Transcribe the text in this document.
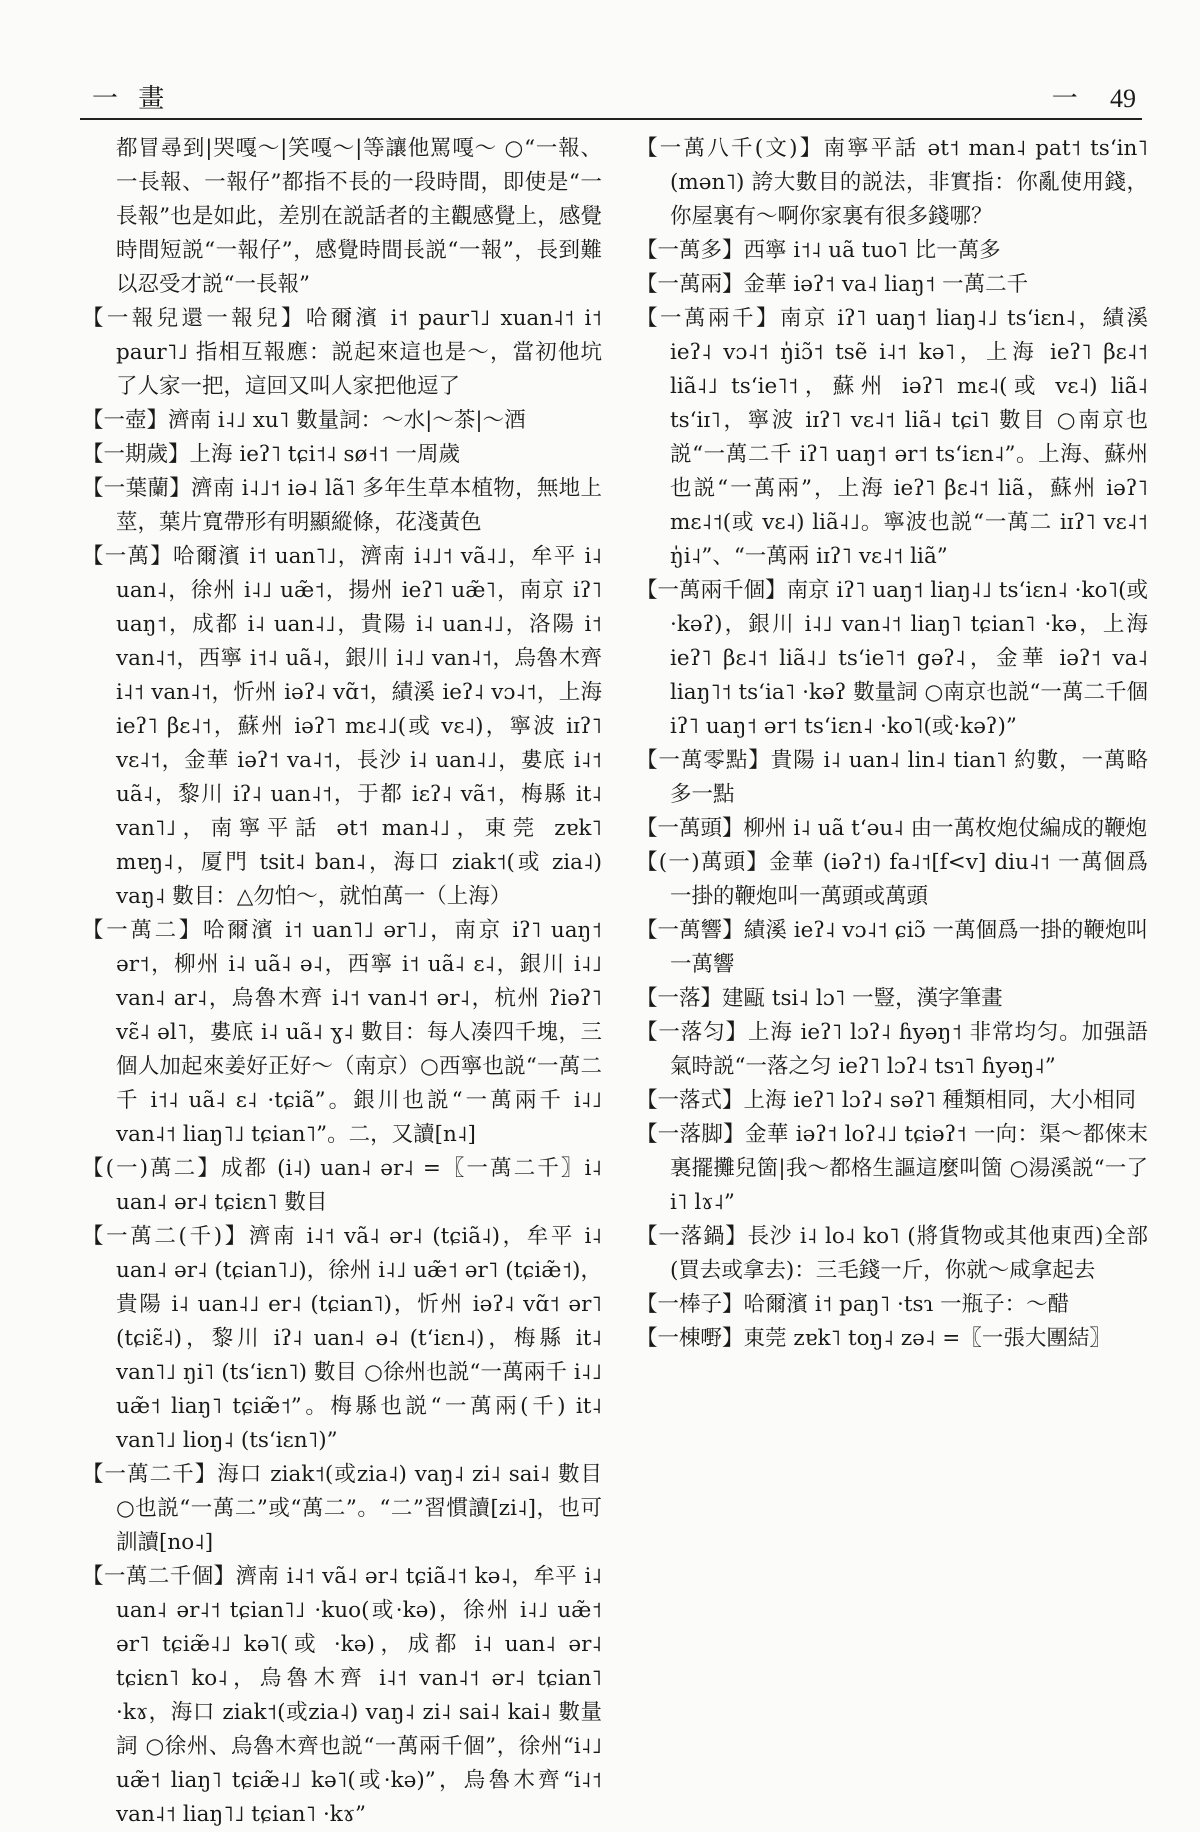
一 畫	一 49

都冒尋到|哭嘎～|笑嘎～|等讓他罵嘎～ ○“一報、一長報、一報仔”都指不長的一段時間，即使是“一長報”也是如此，差別在説話者的主觀感覺上，感覺時間短説“一報仔”，感覺時間長説“一報”，長到難以忍受才説“一長報”

【一報兒還一報兒】哈爾濱 i˦ paur˥˩ xuan˨˦ i˦ paur˥˩ 指相互報應：説起來這也是～，當初他坑了人家一把，這回又叫人家把他逗了

【一壺】濟南 i˨˩ xu˥ 數量詞：～水|～茶|～酒

【一期歲】上海 ieʔ˥ tɕi˦˨ sø˧˦ 一周歲

【一葉蘭】濟南 i˨˩˦ iə˨ lã˥ 多年生草本植物，無地上莖，葉片寬帶形有明顯縱條，花淺黃色

【一萬】哈爾濱 i˦ uan˥˩，濟南 i˨˩˦ vã˨˩，牟平 i˨ uan˨，徐州 i˨˩ uæ̃˦，揚州 ieʔ˥ uæ̃˥，南京 iʔ˥ uaŋ˦，成都 i˨ uan˨˩，貴陽 i˨ uan˨˩，洛陽 i˦ van˨˦，西寧 i˦˨ uã˨，銀川 i˨˩ van˨˦，烏魯木齊 i˨˦ van˨˦，忻州 iəʔ˨ vɑ̃˦，績溪 ieʔ˨ vɔ˨˦，上海 ieʔ˥ βɛ˨˦，蘇州 iəʔ˥ mɛ˨˩(或 vɛ˨)，寧波 iɪʔ˥ vɛ˨˦，金華 iəʔ˦ va˨˦，長沙 i˨ uan˨˩，婁底 i˨˦ uã˨，黎川 iʔ˨ uan˨˦，于都 iɛʔ˨ vã˦，梅縣 it˨ van˥˩，南寧平話 ət˦ man˨˩，東莞 zɐk˥ mɐŋ˨，厦門 tsit˨ ban˨，海口 ziak˦(或 zia˨) vaŋ˨ 數目：△勿怕～，就怕萬一（上海）

【一萬二】哈爾濱 i˦ uan˥˩ ər˥˩，南京 iʔ˥ uaŋ˦ ər˦，柳州 i˨ uã˨ ə˨，西寧 i˦ uã˨ ɛ˨，銀川 i˨˩ van˨ ar˨，烏魯木齊 i˨˦ van˨˦ ər˨，杭州 ʔiəʔ˥ vɛ̃˨ əl˥，婁底 i˨ uã˨ ɣ˨ 數目：每人凑四千塊，三個人加起來姜好正好～（南京）○西寧也説“一萬二千 i˦˨ uã˨ ɛ˨ ·tɕiã”。銀川也説“一萬兩千 i˨˩ van˨˦ liaŋ˥˩ tɕian˥”。二，又讀[n˨]

【(一)萬二】成都 (i˨) uan˨ ər˨ =〖一萬二千〗i˨ uan˨ ər˨ tɕiɛn˥ 數目

【一萬二(千)】濟南 i˨˦ vã˨ ər˨ (tɕiã˨)，牟平 i˨ uan˨ ər˨ (tɕian˥˩)，徐州 i˨˩ uæ̃˦ ər˥ (tɕiæ̃˦)，貴陽 i˨ uan˨˩ er˨ (tɕian˥)，忻州 iəʔ˨ vɑ̃˦ ər˥ (tɕiɛ̃˨)，黎川 iʔ˨ uan˨ ə˨ (tʻiɛn˨)，梅縣 it˨ van˥˩ ŋi˥ (tsʻiɛn˥) 數目 ○徐州也説“一萬兩千 i˨˩ uæ̃˦ liaŋ˥ tɕiæ̃˦”。梅縣也説“一萬兩(千) it˨ van˥˩ lioŋ˨ (tsʻiɛn˥)”

【一萬二千】海口 ziak˦(或zia˨) vaŋ˨ zi˨ sai˨ 數目 ○也説“一萬二”或“萬二”。“二”習慣讀[zi˨]，也可訓讀[no˨]

【一萬二千個】濟南 i˨˦ vã˨ ər˨ tɕiã˨˦ kə˨，牟平 i˨ uan˨ ər˨˦ tɕian˥˩ ·kuo(或·kə)，徐州 i˨˩ uæ̃˦ ər˥ tɕiæ̃˨˩ kə˥(或 ·kə)，成都 i˨ uan˨ ər˨ tɕiɛn˥ ko˨，烏魯木齊 i˨˦ van˨˦ ər˨ tɕian˥ ·kɤ，海口 ziak˦(或zia˨) vaŋ˨ zi˨ sai˨ kai˨ 數量詞 ○徐州、烏魯木齊也説“一萬兩千個”，徐州“i˨˩ uæ̃˦ liaŋ˥ tɕiæ̃˨˩ kə˥(或·kə)”，烏魯木齊“i˨˦ van˨˦ liaŋ˥˩ tɕian˥ ·kɤ”

【一萬八千(文)】南寧平話 ət˦ man˨ pat˦ tsʻin˥ (mən˥) 誇大數目的説法，非實指：你亂使用錢，你屋裏有～啊你家裏有很多錢哪？

【一萬多】西寧 i˦˨ uã tuo˥ 比一萬多

【一萬兩】金華 iəʔ˦ va˨ liaŋ˦ 一萬二千

【一萬兩千】南京 iʔ˥ uaŋ˦ liaŋ˨˩ tsʻiɛn˨，績溪 ieʔ˨ vɔ˨˦ ŋ̍iɔ̃˦ tsẽ i˨˦ kə˥，上海 ieʔ˥ βɛ˨˦ liã˨˩ tsʻie˥˦，蘇州 iəʔ˥ mɛ˨(或 vɛ˨) liã˨ tsʻiɪ˥，寧波 iɪʔ˥ vɛ˨˦ liã˨ tɕi˥ 數目 ○南京也説“一萬二千 iʔ˥ uaŋ˦ ər˦ tsʻiɛn˨”。上海、蘇州也説“一萬兩”，上海 ieʔ˥ βɛ˨˦ liã，蘇州 iəʔ˥ mɛ˨˦(或 vɛ˨) liã˨˩。寧波也説“一萬二 iɪʔ˥ vɛ˨˦ ŋ̍i˨”、“一萬兩 iɪʔ˥ vɛ˨˦ liã”

【一萬兩千個】南京 iʔ˥ uaŋ˦ liaŋ˨˩ tsʻiɛn˨ ·ko˥(或·kəʔ)，銀川 i˨˩ van˨˦ liaŋ˥ tɕian˥ ·kə，上海 ieʔ˥ βɛ˨˦ liã˨˩ tsʻie˥˦ gəʔ˨，金華 iəʔ˦ va˨ liaŋ˥˦ tsʻia˥ ·kəʔ 數量詞 ○南京也説“一萬二千個 iʔ˥ uaŋ˦ ər˦ tsʻiɛn˨ ·ko˥(或·kəʔ)”

【一萬零點】貴陽 i˨ uan˨ lin˨ tian˥ 約數，一萬略多一點

【一萬頭】柳州 i˨ uã tʻəu˨ 由一萬枚炮仗編成的鞭炮

【(一)萬頭】金華 (iəʔ˦) fa˨˦[f<v] diu˨˦ 一萬個爲一掛的鞭炮叫一萬頭或萬頭

【一萬響】績溪 ieʔ˨ vɔ˨˦ ɕiɔ̃ 一萬個爲一掛的鞭炮叫一萬響

【一落】建甌 tsi˨ lɔ˥ 一豎，漢字筆畫

【一落匀】上海 ieʔ˥ lɔʔ˨ ɦyəŋ˦ 非常均匀。加强語氣時説“一落之匀 ieʔ˥ lɔʔ˨ tsɿ˥ ɦyəŋ˨”

【一落式】上海 ieʔ˥ lɔʔ˨ səʔ˥ 種類相同，大小相同

【一落脚】金華 iəʔ˦ loʔ˨˩ tɕiəʔ˦ 一向：渠～都倈末裏擺攤兒箇|我～都格生謳這麼叫箇 ○湯溪説“一了 i˥ lɤ˨”

【一落鍋】長沙 i˨ lo˨ ko˥ (將貨物或其他東西)全部(買去或拿去)：三毛錢一斤，你就～咸拿起去

【一棒子】哈爾濱 i˦ paŋ˥ ·tsɿ 一瓶子：～醋

【一棟嘢】東莞 zɐk˥ toŋ˨ zə˨ =〖一張大團結〗
